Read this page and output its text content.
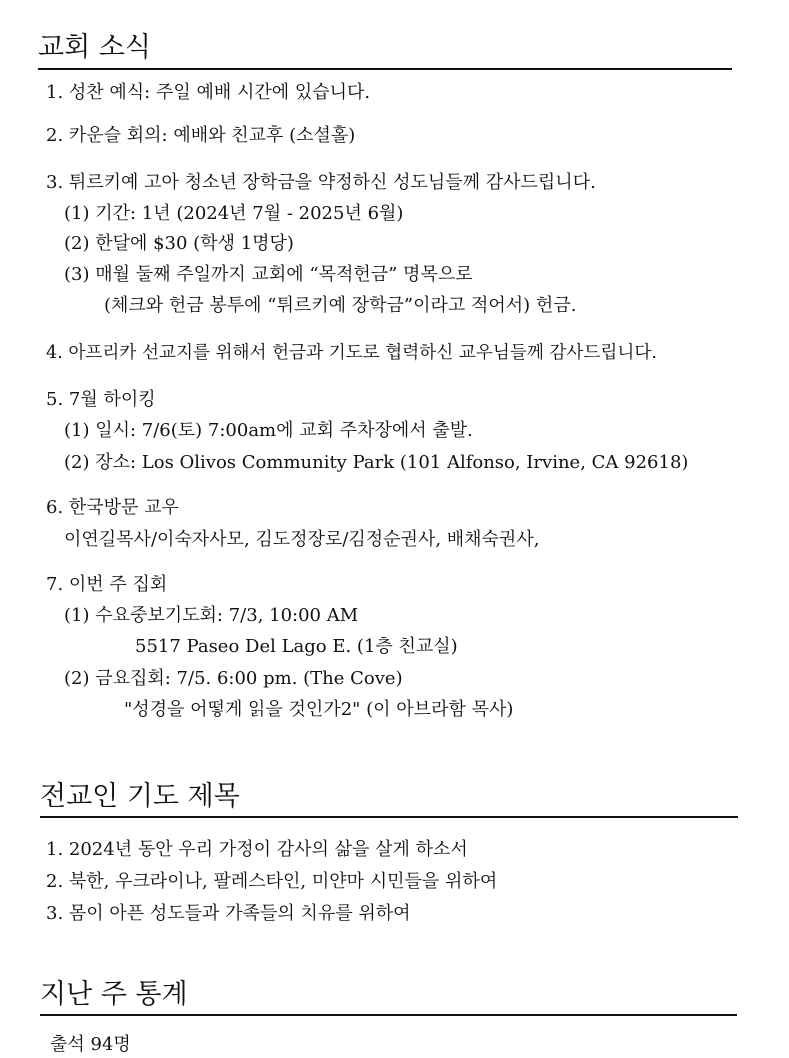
교회 소식
1. 성찬 예식: 주일 예배 시간에 있습니다.
2. 카운슬 회의: 예배와 친교후 (소셜홀)
3. 튀르키예 고아 청소년 장학금을 약정하신 성도님들께 감사드립니다.
(1) 기간: 1년 (2024년 7월 - 2025년 6월)
(2) 한달에 $30 (학생 1명당)
(3) 매월 둘째 주일까지 교회에 “목적헌금” 명목으로
(체크와 헌금 봉투에 “튀르키예 장학금”이라고 적어서) 헌금.
4. 아프리카 선교지를 위해서 헌금과 기도로 협력하신 교우님들께 감사드립니다.
5. 7월 하이킹
(1) 일시: 7/6(토) 7:00am에 교회 주차장에서 출발.
(2) 장소: Los Olivos Community Park (101 Alfonso, Irvine, CA 92618)
6. 한국방문 교우
이연길목사/이숙자사모, 김도정장로/김정순권사, 배채숙권사,
7. 이번 주 집회
(1) 수요중보기도회: 7/3, 10:00 AM
5517 Paseo Del Lago E. (1층 친교실)
(2) 금요집회: 7/5. 6:00 pm. (The Cove)
"성경을 어떻게 읽을 것인가2" (이 아브라함 목사)
전교인 기도 제목
1. 2024년 동안 우리 가정이 감사의 삶을 살게 하소서
2. 북한, 우크라이나, 팔레스타인, 미얀마 시민들을 위하여
3. 몸이 아픈 성도들과 가족들의 치유를 위하여
지난 주 통계
출석 94명
